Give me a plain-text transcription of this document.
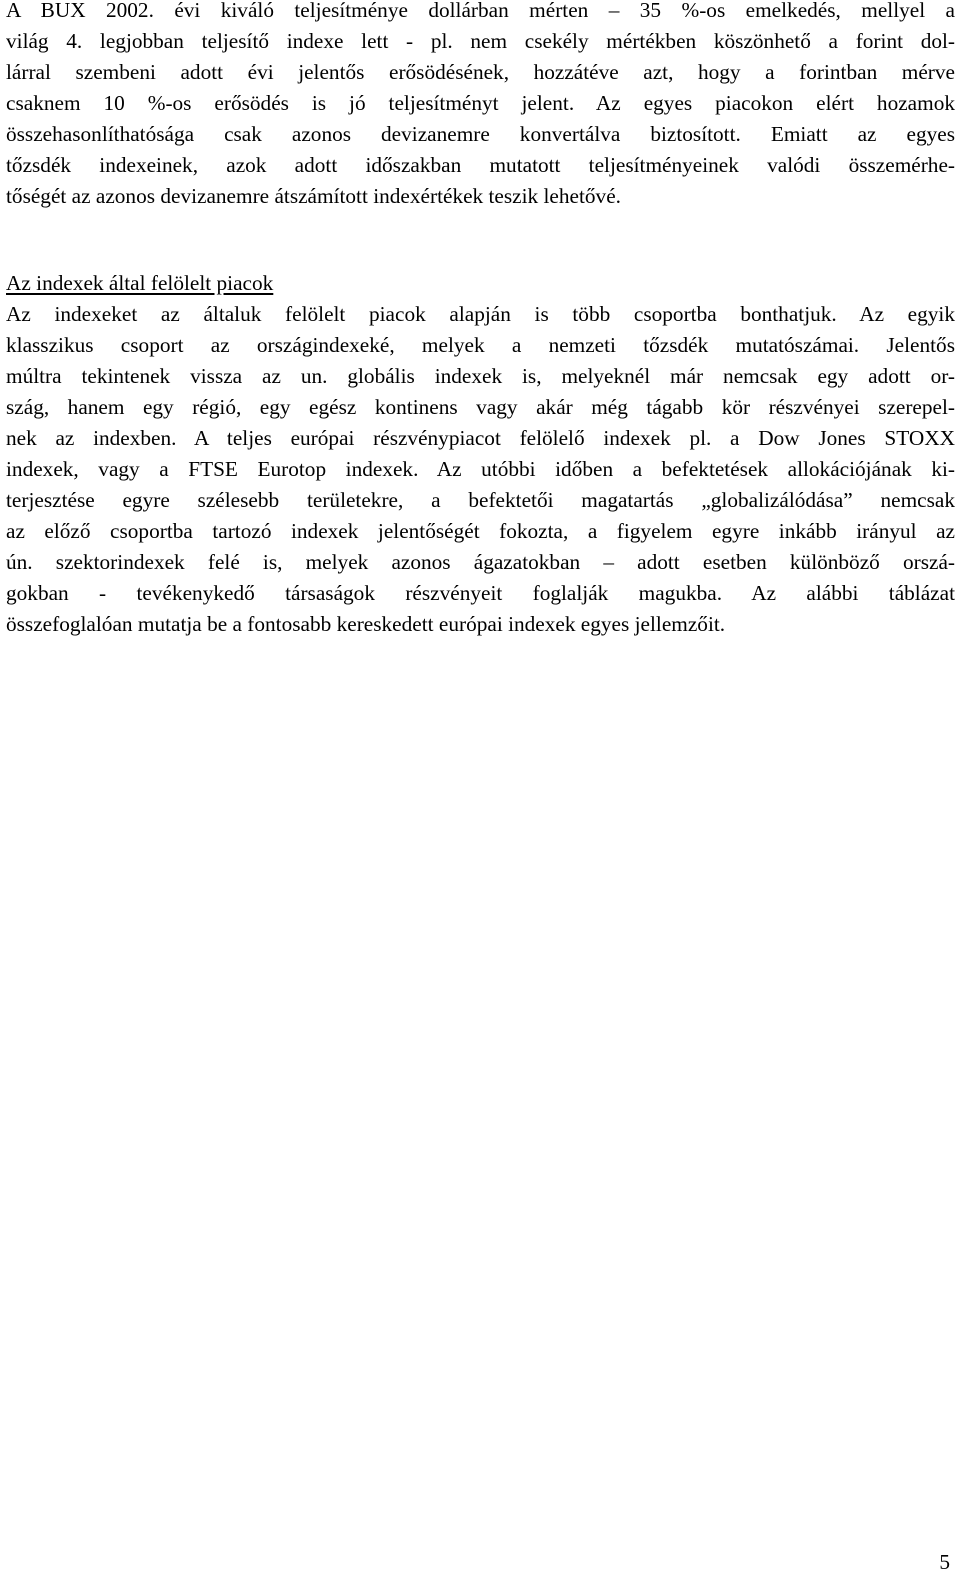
A BUX 2002. évi kiváló teljesítménye dollárban mérten – 35 %-os emelkedés, mellyel a
világ 4. legjobban teljesítő indexe lett - pl. nem csekély mértékben köszönhető a forint dol-
lárral szembeni adott évi jelentős erősödésének, hozzátéve azt, hogy a forintban mérve
csaknem 10 %-os erősödés is jó teljesítményt jelent. Az egyes piacokon elért hozamok
összehasonlíthatósága csak azonos devizanemre konvertálva biztosított. Emiatt az egyes
tőzsdék indexeinek, azok adott időszakban mutatott teljesítményeinek valódi összemérhe-
tőségét az azonos devizanemre átszámított indexértékek teszik lehetővé.
Az indexek által felölelt piacok
Az indexeket az általuk felölelt piacok alapján is több csoportba bonthatjuk. Az egyik
klasszikus csoport az országindexeké, melyek a nemzeti tőzsdék mutatószámai. Jelentős
múltra tekintenek vissza az un. globális indexek is, melyeknél már nemcsak egy adott or-
szág, hanem egy régió, egy egész kontinens vagy akár még tágabb kör részvényei szerepel-
nek az indexben. A teljes európai részvénypiacot felölelő indexek pl. a Dow Jones STOXX
indexek, vagy a FTSE Eurotop indexek. Az utóbbi időben a befektetések allokációjának ki-
terjesztése egyre szélesebb területekre, a befektetői magatartás „globalizálódása” nemcsak
az előző csoportba tartozó indexek jelentőségét fokozta, a figyelem egyre inkább irányul az
ún. szektorindexek felé is, melyek azonos ágazatokban – adott esetben különböző orszá-
gokban - tevékenykedő társaságok részvényeit foglalják magukba. Az alábbi táblázat
összefoglalóan mutatja be a fontosabb kereskedett európai indexek egyes jellemzőit.
5
